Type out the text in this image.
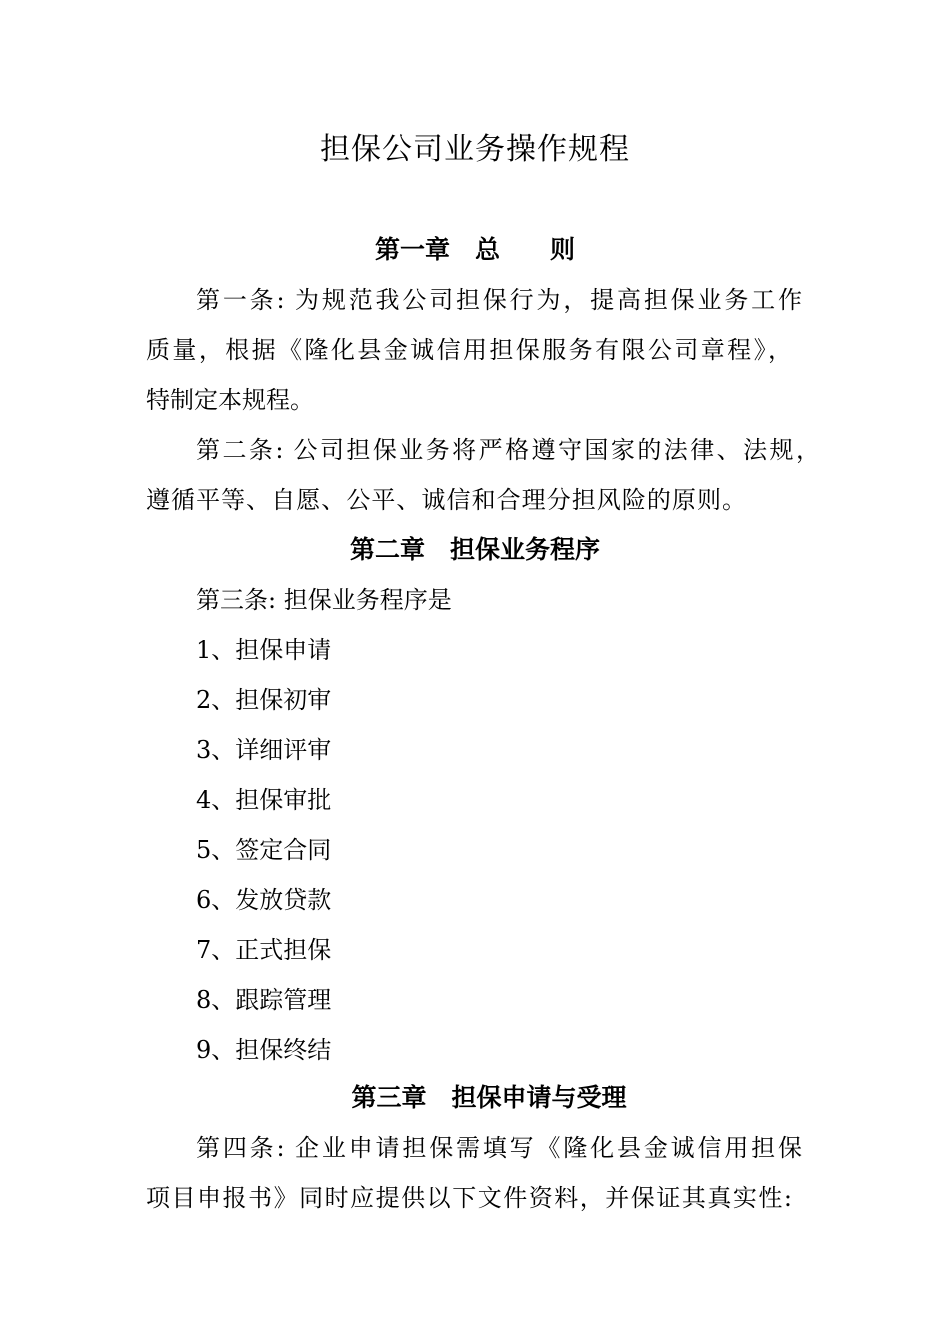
担保公司业务操作规程
第一章　总　　则
第一条: 为规范我公司担保行为，提高担保业务工作
质量，根据《隆化县金诚信用担保服务有限公司章程》，
特制定本规程。
第二条: 公司担保业务将严格遵守国家的法律、法规，
遵循平等、自愿、公平、诚信和合理分担风险的原则。
第二章　担保业务程序
第三条: 担保业务程序是
1、担保申请
2、担保初审
3、详细评审
4、担保审批
5、签定合同
6、发放贷款
7、正式担保
8、跟踪管理
9、担保终结
第三章　担保申请与受理
第四条: 企业申请担保需填写《隆化县金诚信用担保
项目申报书》同时应提供以下文件资料，并保证其真实性:
